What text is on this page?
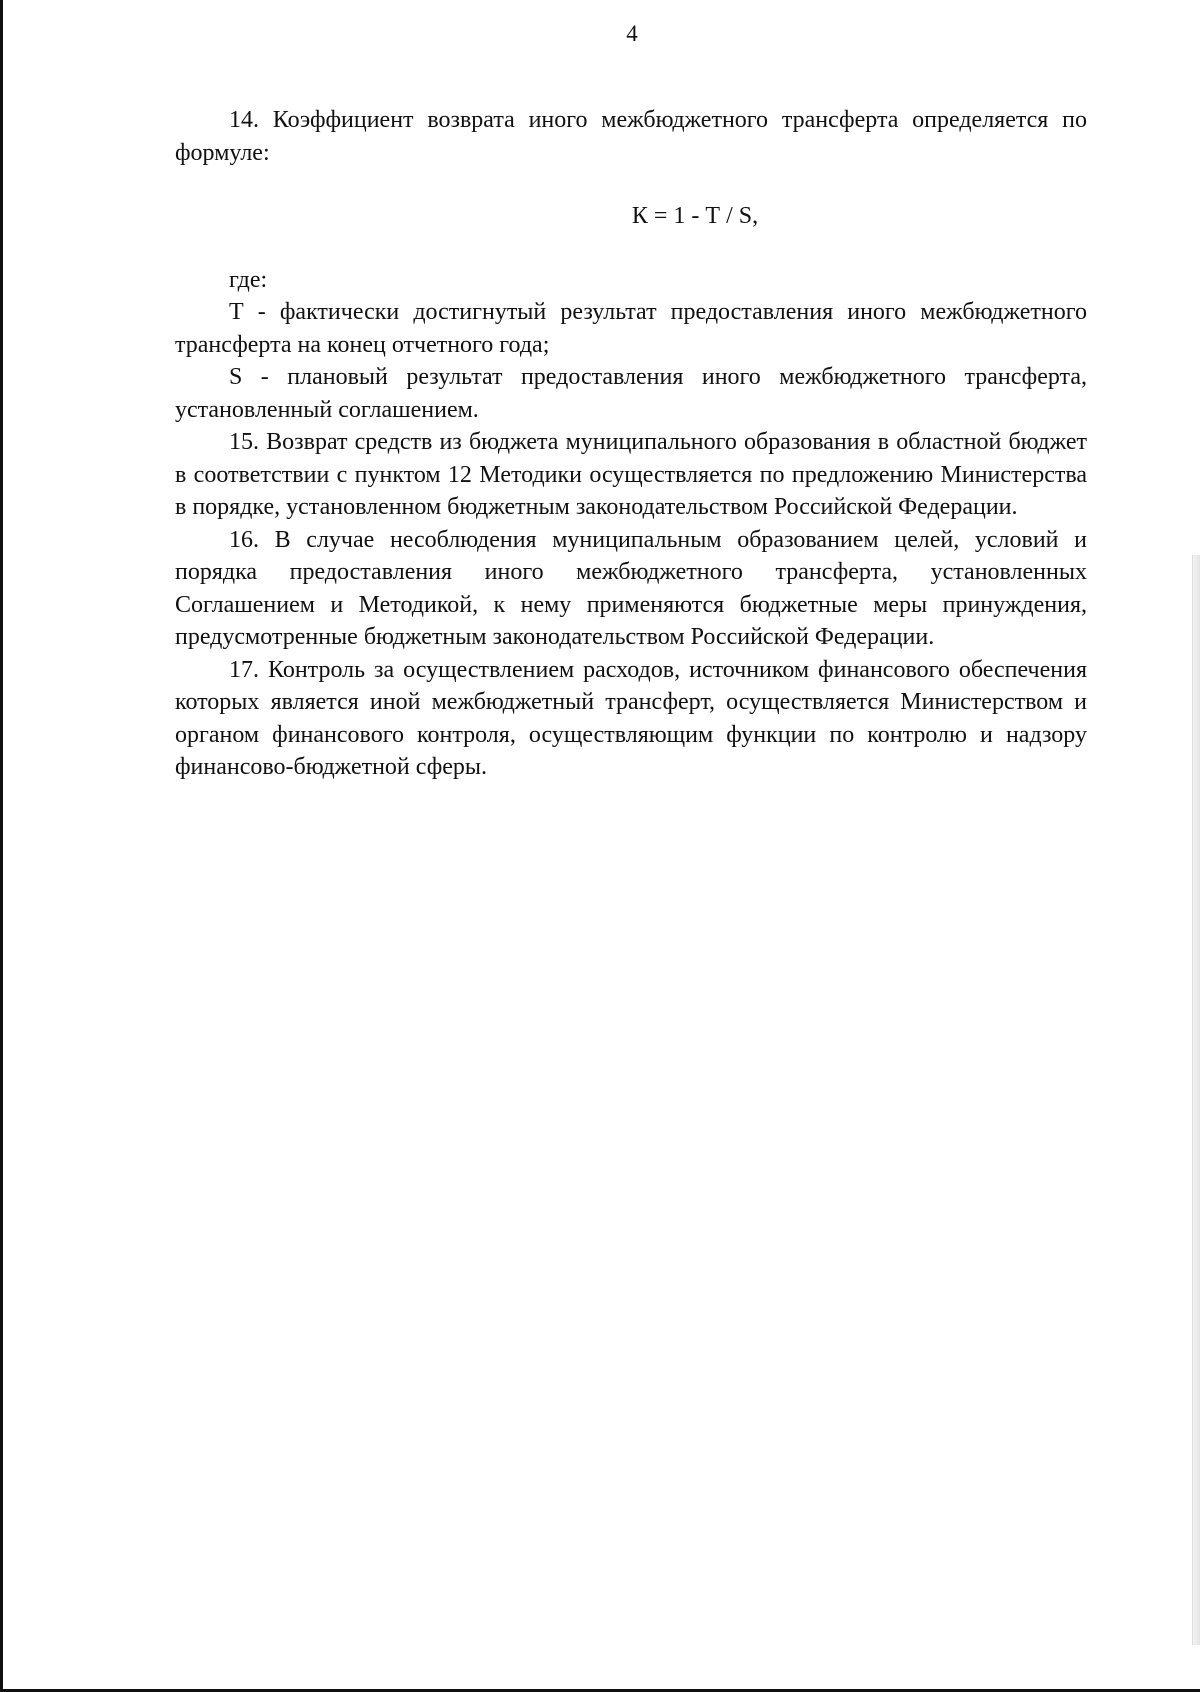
4

14. Коэффициент возврата иного межбюджетного трансферта определяется по формуле:

К = 1 - Т / S,

где:

Т - фактически достигнутый результат предоставления иного межбюджетного трансферта на конец отчетного года;

S - плановый результат предоставления иного межбюджетного трансферта, установленный соглашением.

15. Возврат средств из бюджета муниципального образования в областной бюджет в соответствии с пунктом 12 Методики осуществляется по предложению Министерства в порядке, установленном бюджетным законодательством Российской Федерации.

16. В случае несоблюдения муниципальным образованием целей, условий и порядка предоставления иного межбюджетного трансферта, установленных Соглашением и Методикой, к нему применяются бюджетные меры принуждения, предусмотренные бюджетным законодательством Российской Федерации.

17. Контроль за осуществлением расходов, источником финансового обеспечения которых является иной межбюджетный трансферт, осуществляется Министерством и органом финансового контроля, осуществляющим функции по контролю и надзору финансово-бюджетной сферы.
